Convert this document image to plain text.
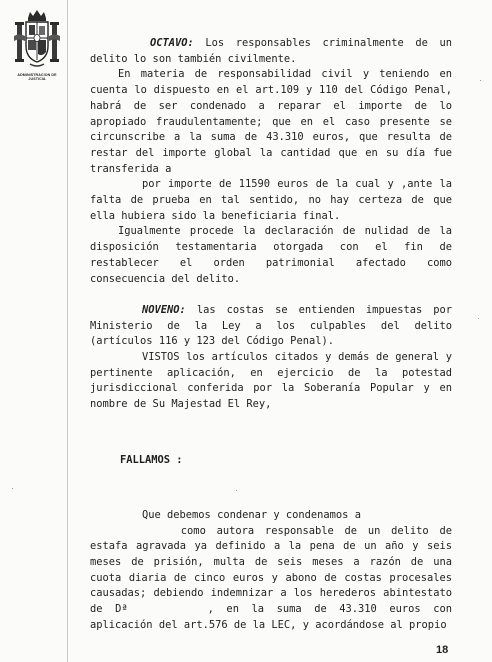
ADMINISTRACION DE JUSTICIA

OCTAVO: Los responsables criminalmente de un delito lo son también civilmente.

En materia de responsabilidad civil y teniendo en cuenta lo dispuesto en el art.109 y 110 del Código Penal, habrá de ser condenado a reparar el importe de lo apropiado fraudulentamente; que en el caso presente se circunscribe a la suma de 43.310 euros, que resulta de restar del importe global la cantidad que en su día fue transferida a

por importe de 11590 euros de la cual y ,ante la falta de prueba en tal sentido, no hay certeza de que ella hubiera sido la beneficiaria final.

Igualmente procede la declaración de nulidad de la disposición testamentaria otorgada con el fin de restablecer el orden patrimonial afectado como consecuencia del delito.

NOVENO: las costas se entienden impuestas por Ministerio de la Ley a los culpables del delito (artículos 116 y 123 del Código Penal).

VISTOS los artículos citados y demás de general y pertinente aplicación, en ejercicio de la potestad jurisdiccional conferida por la Soberanía Popular y en nombre de Su Majestad El Rey,

FALLAMOS :

Que debemos condenar y condenamos a
como autora responsable de un delito de estafa agravada ya definido a la pena de un año y seis meses de prisión, multa de seis meses a razón de una cuota diaria de cinco euros y abono de costas procesales causadas; debiendo indemnizar a los herederos abintestato de Dª	, en la suma de 43.310 euros con aplicación del art.576 de la LEC, y acordándose al propio

18
